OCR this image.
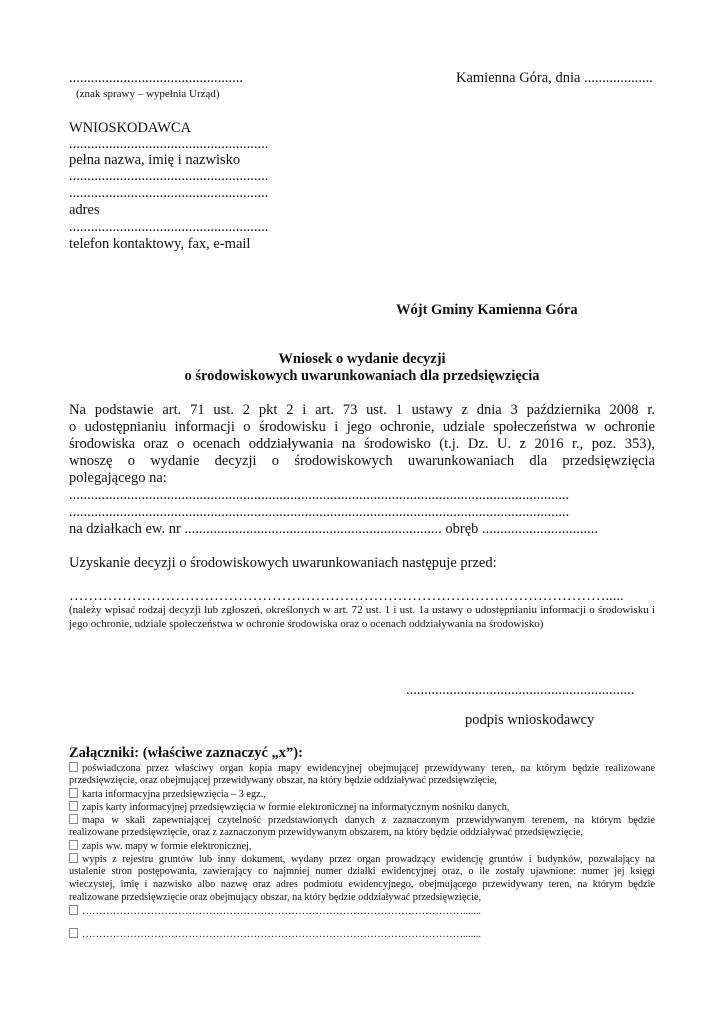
................................................
(znak sprawy – wypełnia Urząd)
Kamienna Góra, dnia ...................
WNIOSKODAWCA
.......................................................
pełna nazwa, imię i nazwisko
.......................................................
.......................................................
adres
.......................................................
telefon kontaktowy, fax, e-mail
Wójt Gminy Kamienna Góra
Wniosek o wydanie decyzji
o środowiskowych uwarunkowaniach dla przedsięwzięcia
Na podstawie art. 71 ust. 2 pkt 2 i art. 73 ust. 1 ustawy z dnia 3 października 2008 r.
o udostępnianiu informacji o środowisku i jego ochronie, udziale społeczeństwa w ochronie
środowiska oraz o ocenach oddziaływania na środowisko (t.j. Dz. U. z 2016 r., poz. 353),
wnoszę o wydanie decyzji o środowiskowych uwarunkowaniach dla przedsięwzięcia
polegającego na:
..........................................................................................................................................
..........................................................................................................................................
na działkach ew. nr ....................................................................... obręb ................................
Uzyskanie decyzji o środowiskowych uwarunkowaniach następuje przed:
………………………………………………………………………………………………….....
(należy wpisać rodzaj decyzji lub zgłoszeń, określonych w art. 72 ust. 1 i ust. 1a ustawy o udostępnianiu informacji o środowisku i jego ochronie, udziale społeczeństwa w ochronie środowiska oraz o ocenach oddziaływania na środowisko)
...............................................................
podpis wnioskodawcy
Załączniki: (właściwe zaznaczyć „x”):
poświadczona przez właściwy organ kopia mapy ewidencyjnej obejmującej przewidywany teren, na którym będzie realizowane
przedsięwzięcie, oraz obejmującej przewidywany obszar, na który będzie oddziaływać przedsięwzięcie,
karta informacyjna przedsięwzięcia – 3 egz.,
zapis karty informacyjnej przedsięwzięcia w formie elektronicznej na informatycznym nośniku danych,
mapa w skali zapewniającej czytelność przedstawionych danych z zaznaczonym przewidywanym terenem, na którym będzie
realizowane przedsięwzięcie, oraz z zaznaczonym przewidywanym obszarem, na który będzie oddziaływać przedsięwzięcie,
zapis ww. mapy w formie elektronicznej,
wypis z rejestru gruntów lub inny dokument, wydany przez organ prowadzący ewidencję gruntów i budynków, pozwalający na
ustalenie stron postępowania, zawierający co najmniej numer działki ewidencyjnej oraz, o ile zostały ujawnione: numer jej księgi
wieczystej, imię i nazwisko albo nazwę oraz adres podmiotu ewidencyjnego, obejmującego przewidywany teren, na którym będzie
realizowane przedsięwzięcie oraz obejmujący obszar, na który będzie oddziaływać przedsięwzięcie,
………………………………………………………………………………………………….......
………………………………………………………………………………………………….......
